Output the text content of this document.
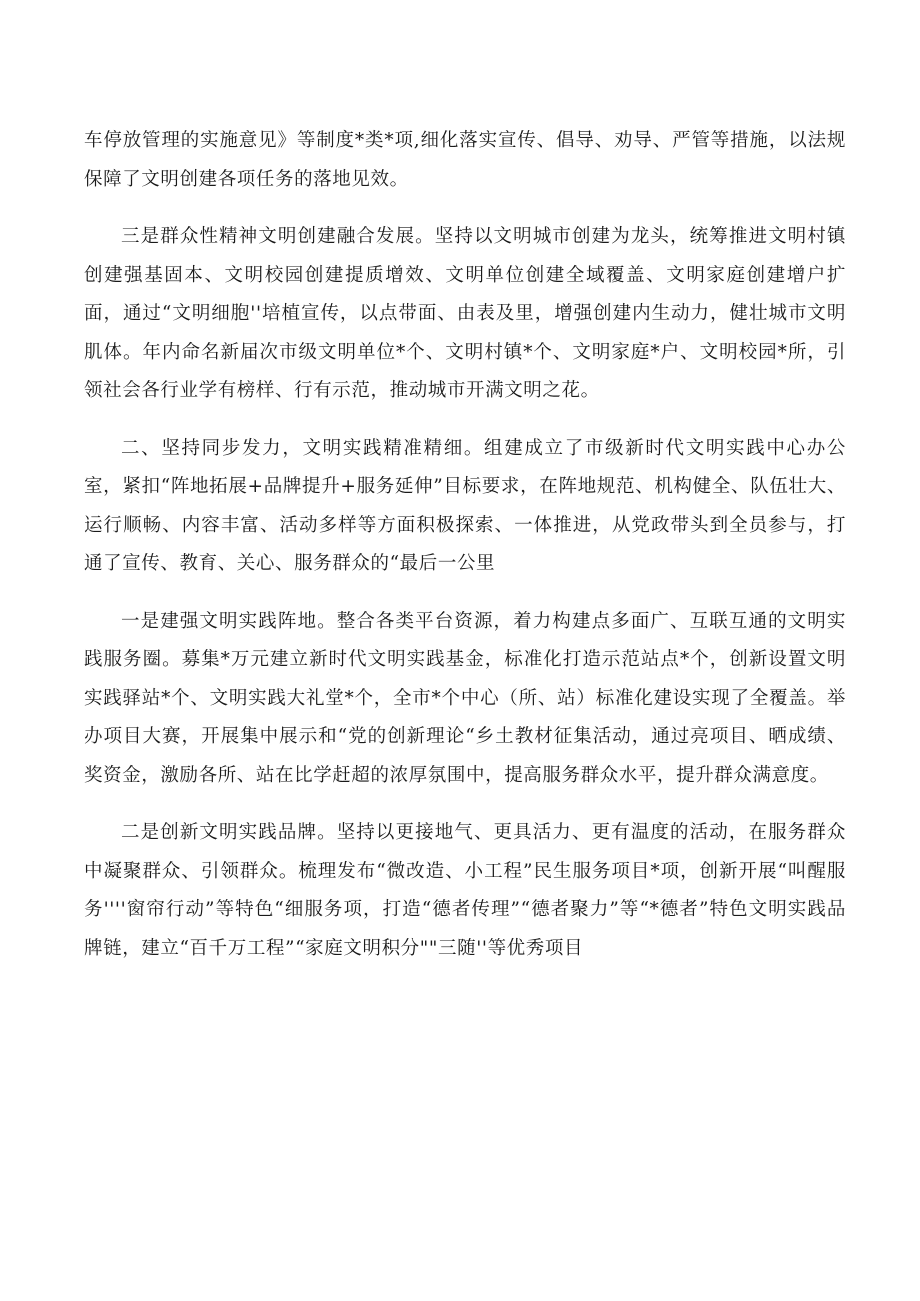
车停放管理的实施意见》等制度*类*项,细化落实宣传、倡导、劝导、严管等措施，以法规保障了文明创建各项任务的落地见效。

三是群众性精神文明创建融合发展。坚持以文明城市创建为龙头，统筹推进文明村镇创建强基固本、文明校园创建提质增效、文明单位创建全域覆盖、文明家庭创建增户扩面，通过“文明细胞''培植宣传，以点带面、由表及里，增强创建内生动力，健壮城市文明肌体。年内命名新届次市级文明单位*个、文明村镇*个、文明家庭*户、文明校园*所，引领社会各行业学有榜样、行有示范，推动城市开满文明之花。

二、坚持同步发力，文明实践精准精细。组建成立了市级新时代文明实践中心办公室，紧扣“阵地拓展+品牌提升+服务延伸”目标要求，在阵地规范、机构健全、队伍壮大、运行顺畅、内容丰富、活动多样等方面积极探索、一体推进，从党政带头到全员参与，打通了宣传、教育、关心、服务群众的“最后一公里

一是建强文明实践阵地。整合各类平台资源，着力构建点多面广、互联互通的文明实践服务圈。募集*万元建立新时代文明实践基金，标准化打造示范站点*个，创新设置文明实践驿站*个、文明实践大礼堂*个，全市*个中心（所、站）标准化建设实现了全覆盖。举办项目大赛，开展集中展示和“党的创新理论“乡土教材征集活动，通过亮项目、晒成绩、奖资金，激励各所、站在比学赶超的浓厚氛围中，提高服务群众水平，提升群众满意度。

二是创新文明实践品牌。坚持以更接地气、更具活力、更有温度的活动，在服务群众中凝聚群众、引领群众。梳理发布“微改造、小工程”民生服务项目*项，创新开展“叫醒服务''''窗帘行动”等特色“细服务项，打造“德者传理”“德者聚力”等“*德者”特色文明实践品牌链，建立“百千万工程”“家庭文明积分""三随''等优秀项目
